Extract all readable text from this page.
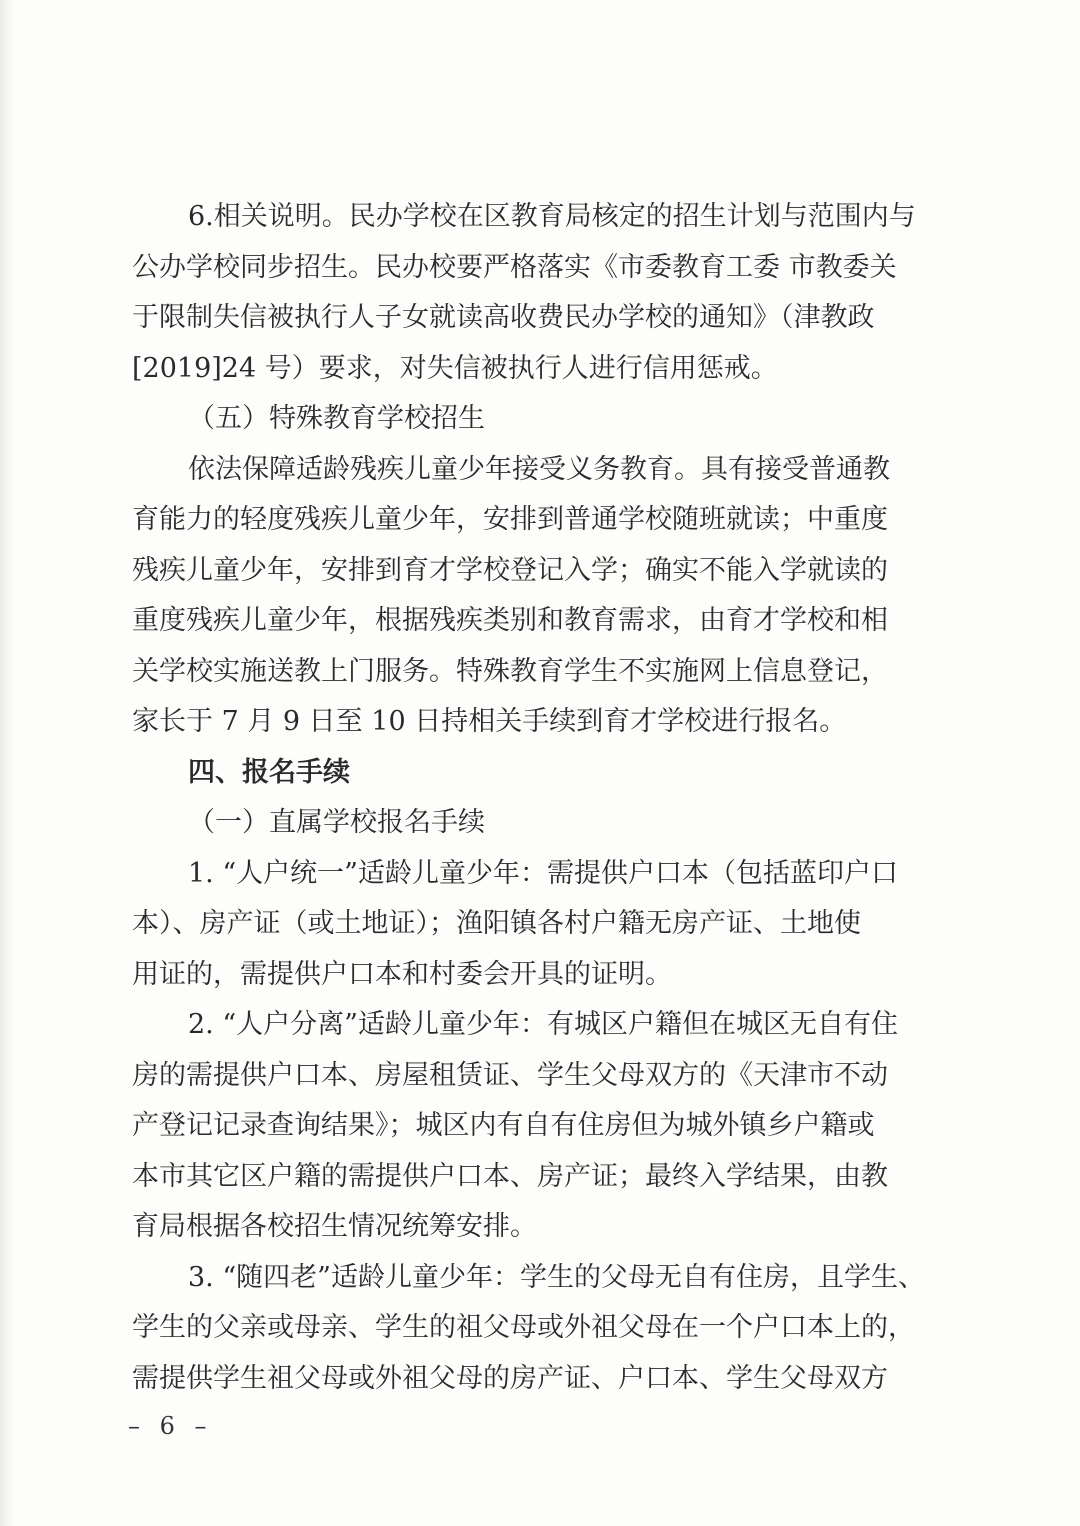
6.相关说明。民办学校在区教育局核定的招生计划与范围内与
公办学校同步招生。民办校要严格落实《市委教育工委 市教委关
于限制失信被执行人子女就读高收费民办学校的通知》（津教政
[2019]24 号）要求，对失信被执行人进行信用惩戒。
（五）特殊教育学校招生
依法保障适龄残疾儿童少年接受义务教育。具有接受普通教
育能力的轻度残疾儿童少年，安排到普通学校随班就读；中重度
残疾儿童少年，安排到育才学校登记入学；确实不能入学就读的
重度残疾儿童少年，根据残疾类别和教育需求，由育才学校和相
关学校实施送教上门服务。特殊教育学生不实施网上信息登记，
家长于 7 月 9 日至 10 日持相关手续到育才学校进行报名。
四、报名手续
（一）直属学校报名手续
1. “人户统一”适龄儿童少年：需提供户口本（包括蓝印户口
本）、房产证（或土地证）；渔阳镇各村户籍无房产证、土地使
用证的，需提供户口本和村委会开具的证明。
2. “人户分离”适龄儿童少年：有城区户籍但在城区无自有住
房的需提供户口本、房屋租赁证、学生父母双方的《天津市不动
产登记记录查询结果》；城区内有自有住房但为城外镇乡户籍或
本市其它区户籍的需提供户口本、房产证；最终入学结果，由教
育局根据各校招生情况统筹安排。
3. “随四老”适龄儿童少年：学生的父母无自有住房，且学生、
学生的父亲或母亲、学生的祖父母或外祖父母在一个户口本上的，
需提供学生祖父母或外祖父母的房产证、户口本、学生父母双方
– 6 –
